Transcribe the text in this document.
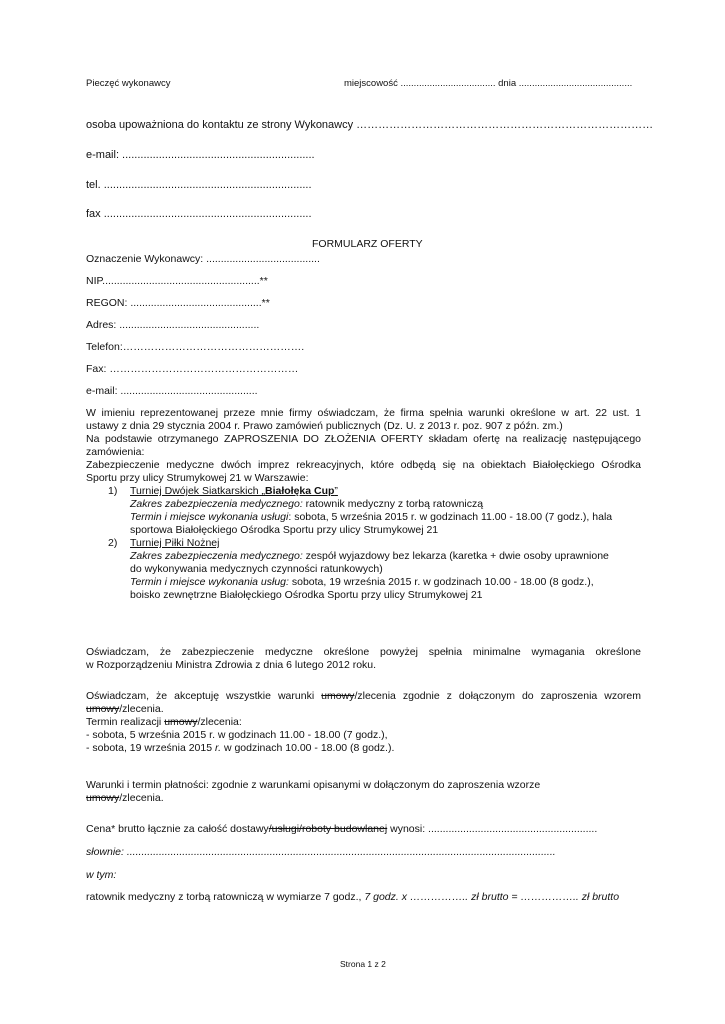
Pieczęć wykonawcy	miejscowość .................................... dnia ...........................................
osoba upoważniona do kontaktu ze strony Wykonawcy ………………………………………………………………………
e-mail: ...............................................................
tel. ....................................................................
fax ....................................................................
FORMULARZ OFERTY
Oznaczenie Wykonawcy: .......................................
NIP......................................................**
REGON: .............................................**
Adres: ................................................
Telefon:…………………………………………….
Fax: ………………………………………………
e-mail: ...............................................
W imieniu reprezentowanej przeze mnie firmy oświadczam, że firma spełnia warunki określone w art. 22 ust. 1
ustawy z dnia 29 stycznia 2004 r. Prawo zamówień publicznych (Dz. U. z 2013 r. poz. 907 z późn. zm.)
Na podstawie otrzymanego ZAPROSZENIA DO ZŁOŻENIA OFERTY składam ofertę na realizację następującego
zamówienia:
Zabezpieczenie medyczne dwóch imprez rekreacyjnych, które odbędą się na obiektach Białołęckiego Ośrodka
Sportu przy ulicy Strumykowej 21 w Warszawie:
1) Turniej Dwójek Siatkarskich „Białołęka Cup”
Zakres zabezpieczenia medycznego: ratownik medyczny z torbą ratowniczą
Termin i miejsce wykonania usługi: sobota, 5 września 2015 r. w godzinach 11.00 - 18.00 (7 godz.), hala
sportowa Białołęckiego Ośrodka Sportu przy ulicy Strumykowej 21
2) Turniej Piłki Nożnej
Zakres zabezpieczenia medycznego: zespół wyjazdowy bez lekarza (karetka + dwie osoby uprawnione
do wykonywania medycznych czynności ratunkowych)
Termin i miejsce wykonania usług: sobota, 19 września 2015 r. w godzinach 10.00 - 18.00 (8 godz.),
boisko zewnętrzne Białołęckiego Ośrodka Sportu przy ulicy Strumykowej 21
Oświadczam, że zabezpieczenie medyczne określone powyżej spełnia minimalne wymagania określone
w Rozporządzeniu Ministra Zdrowia z dnia 6 lutego 2012 roku.
Oświadczam, że akceptuję wszystkie warunki umowy/zlecenia zgodnie z dołączonym do zaproszenia wzorem
umowy/zlecenia.
Termin realizacji umowy/zlecenia:
- sobota, 5 września 2015 r. w godzinach 11.00 - 18.00 (7 godz.),
- sobota, 19 września 2015 r. w godzinach 10.00 - 18.00 (8 godz.).
Warunki i termin płatności: zgodnie z warunkami opisanymi w dołączonym do zaproszenia wzorze
umowy/zlecenia.
Cena* brutto łącznie za całość dostawy/usługi/roboty budowlanej wynosi: ..........................................................
słownie: ...................................................................................................................................................
w tym:
ratownik medyczny z torbą ratowniczą w wymiarze 7 godz., 7 godz. x …………….. zł brutto = …………….. zł brutto
Strona 1 z 2
